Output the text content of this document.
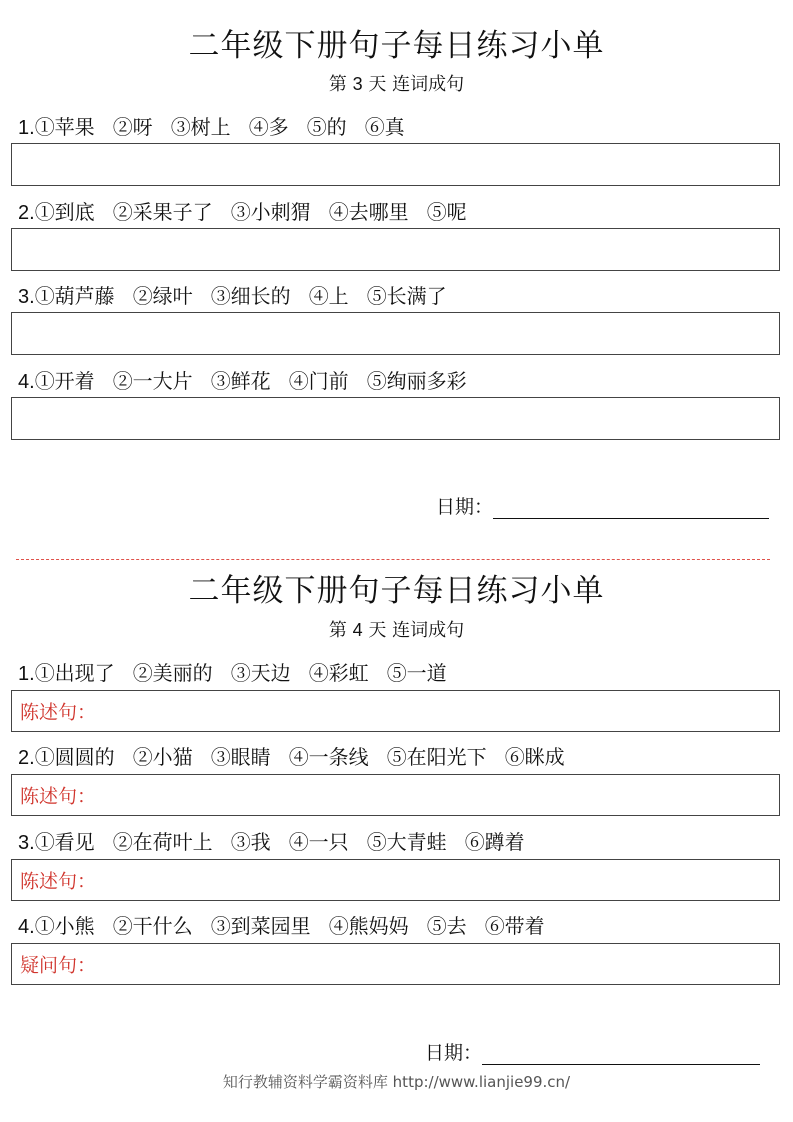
二年级下册句子每日练习小单

第 3 天 连词成句

1.①苹果 ②呀 ③树上 ④多 ⑤的 ⑥真
2.①到底 ②采果子了 ③小刺猬 ④去哪里 ⑤呢
3.①葫芦藤 ②绿叶 ③细长的 ④上 ⑤长满了
4.①开着 ②一大片 ③鲜花 ④门前 ⑤绚丽多彩
日期：
二年级下册句子每日练习小单

第 4 天 连词成句

1.①出现了 ②美丽的 ③天边 ④彩虹 ⑤一道
陈述句：
2.①圆圆的 ②小猫 ③眼睛 ④一条线 ⑤在阳光下 ⑥眯成
陈述句：
3.①看见 ②在荷叶上 ③我 ④一只 ⑤大青蛙 ⑥蹲着
陈述句：
4.①小熊 ②干什么 ③到菜园里 ④熊妈妈 ⑤去 ⑥带着
疑问句：
日期：
知行教辅资料学霸资料库 http://www.lianjie99.cn/
